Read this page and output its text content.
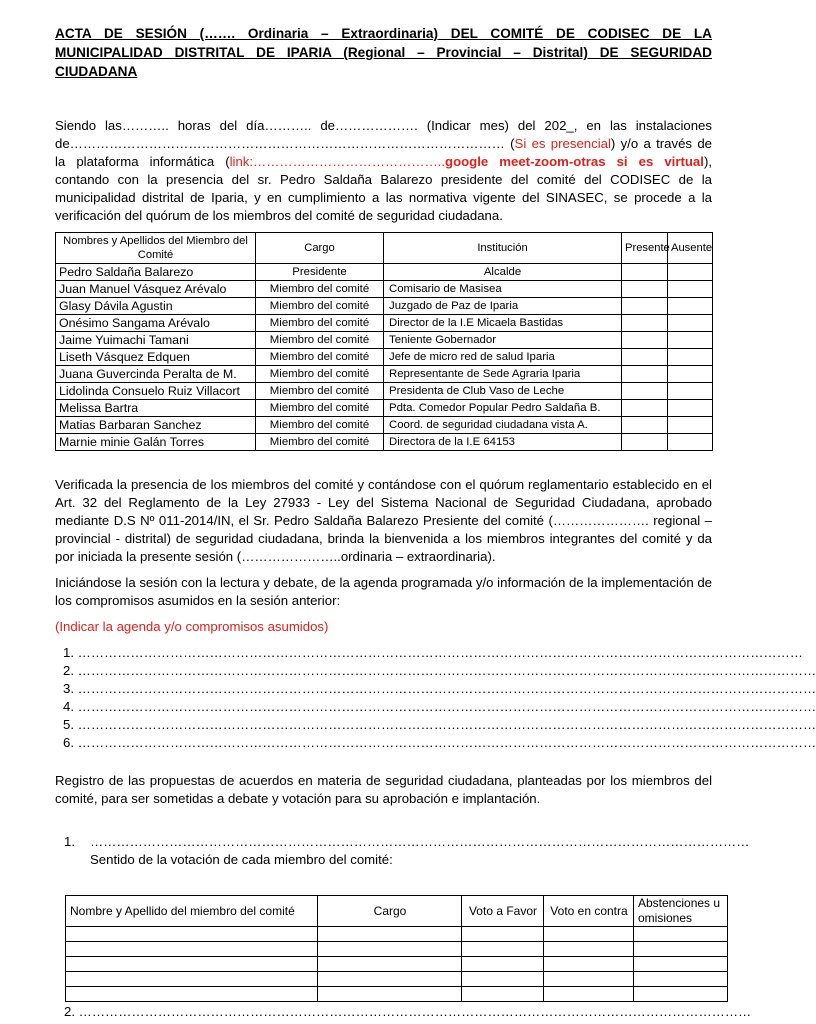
ACTA DE SESIÓN (……. Ordinaria – Extraordinaria) DEL COMITÉ DE CODISEC DE LA MUNICIPALIDAD DISTRITAL DE IPARIA (Regional – Provincial – Distrital) DE SEGURIDAD CIUDADANA

Siendo las……….. horas del día……….. de………………. (Indicar mes) del 202_, en las instalaciones de……………………………………………………………………………………… (Si es presencial) y/o a través de la plataforma informática (link:……………………………………..google meet-zoom-otras si es virtual), contando con la presencia del sr. Pedro Saldaña Balarezo presidente del comité del CODISEC de la municipalidad distrital de Iparia, y en cumplimiento a las normativa vigente del SINASEC, se procede a la verificación del quórum de los miembros del comité de seguridad ciudadana.

Nombres y Apellidos del Miembro del Comité	Cargo	Institución	Presente	Ausente
Pedro Saldaña Balarezo	Presidente	Alcalde		
Juan Manuel Vásquez Arévalo	Miembro del comité	Comisario de Masisea		
Glasy Dávila Agustin	Miembro del comité	Juzgado de Paz de Iparia		
Onésimo Sangama Arévalo	Miembro del comité	Director de la I.E Micaela Bastidas		
Jaime Yuimachi Tamani	Miembro del comité	Teniente Gobernador		
Liseth Vásquez Edquen	Miembro del comité	Jefe de micro red de salud Iparia		
Juana Guvercinda Peralta de M.	Miembro del comité	Representante de Sede Agraria Iparia		
Lidolinda Consuelo Ruiz Villacort	Miembro del comité	Presidenta de Club Vaso de Leche		
Melissa Bartra	Miembro del comité	Pdta. Comedor Popular Pedro Saldaña B.		
Matias Barbaran Sanchez	Miembro del comité	Coord. de seguridad ciudadana vista A.		
Marnie minie Galán Torres	Miembro del comité	Directora de la I.E 64153		

Verificada la presencia de los miembros del comité y contándose con el quórum reglamentario establecido en el Art. 32 del Reglamento de la Ley 27933 - Ley del Sistema Nacional de Seguridad Ciudadana, aprobado mediante D.S Nº 011-2014/IN, el Sr. Pedro Saldaña Balarezo Presiente del comité (…………………. regional – provincial - distrital) de seguridad ciudadana, brinda la bienvenida a los miembros integrantes del comité y da por iniciada la presente sesión (…………………..ordinaria – extraordinaria).

Iniciándose la sesión con la lectura y debate, de la agenda programada y/o información de la implementación de los compromisos asumidos en la sesión anterior:

(Indicar la agenda y/o compromisos asumidos)

1. …………………………………………………………………………………………………………………………………………………
2. ……………………………………………………………………………………………………………………………………………………
3. ……………………………………………………………………………………………………………………………………………………
4. ……………………………………………………………………………………………………………………………………………………
5. ……………………………………………………………………………………………………………………………………………………
6. ……………………………………………………………………………………………………………………………………………………

Registro de las propuestas de acuerdos en materia de seguridad ciudadana, planteadas por los miembros del comité, para ser sometidas a debate y votación para su aprobación e implantación.

1. ……………………………………………………………………………………………………………………………………
Sentido de la votación de cada miembro del comité:
Nombre y Apellido del miembro del comité	Cargo	Voto a Favor	Voto en contra	Abstenciones u omisiones

2. ………………………………………………………………………………………………………………………………………
